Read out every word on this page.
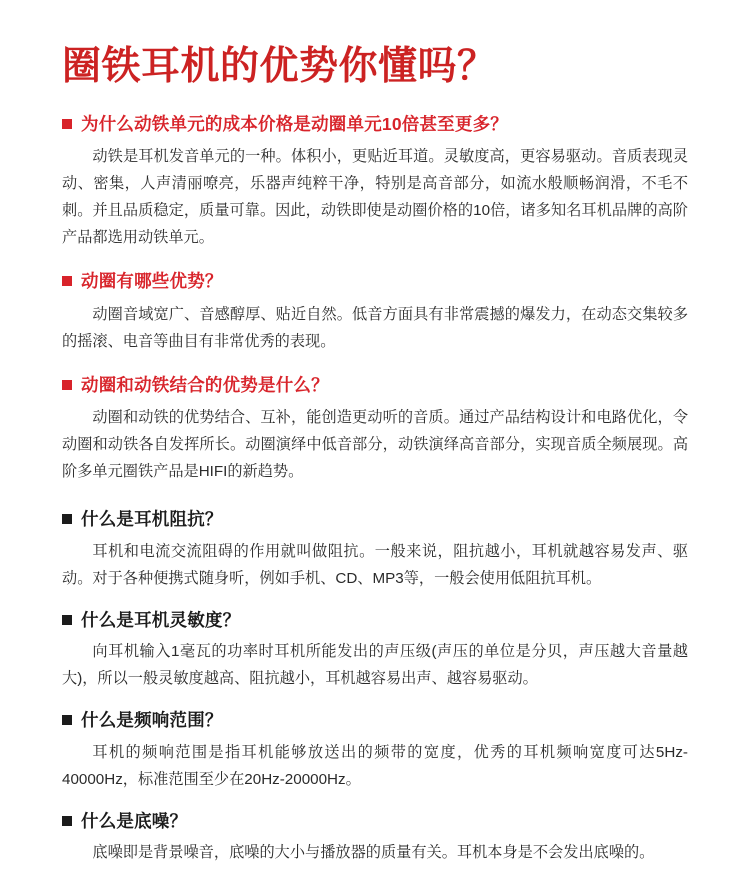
圈铁耳机的优势你懂吗？
为什么动铁单元的成本价格是动圈单元10倍甚至更多？

动铁是耳机发音单元的一种。体积小，更贴近耳道。灵敏度高，更容易驱动。音质表现灵动、密集，人声清丽嘹亮，乐器声纯粹干净，特别是高音部分，如流水般顺畅润滑，不毛不刺。并且品质稳定，质量可靠。因此，动铁即使是动圈价格的10倍，诸多知名耳机品牌的高阶产品都选用动铁单元。

动圈有哪些优势？

动圈音域宽广、音感醇厚、贴近自然。低音方面具有非常震撼的爆发力，在动态交集较多的摇滚、电音等曲目有非常优秀的表现。

动圈和动铁结合的优势是什么？

动圈和动铁的优势结合、互补，能创造更动听的音质。通过产品结构设计和电路优化，令动圈和动铁各自发挥所长。动圈演绎中低音部分，动铁演绎高音部分，实现音质全频展现。高阶多单元圈铁产品是HIFI的新趋势。

什么是耳机阻抗？

耳机和电流交流阻碍的作用就叫做阻抗。一般来说，阻抗越小，耳机就越容易发声、驱动。对于各种便携式随身听，例如手机、CD、MP3等，一般会使用低阻抗耳机。

什么是耳机灵敏度？

向耳机输入1毫瓦的功率时耳机所能发出的声压级(声压的单位是分贝，声压越大音量越大)，所以一般灵敏度越高、阻抗越小，耳机越容易出声、越容易驱动。

什么是频响范围？

耳机的频响范围是指耳机能够放送出的频带的宽度，优秀的耳机频响宽度可达5Hz-40000Hz，标准范围至少在20Hz-20000Hz。

什么是底噪？

底噪即是背景噪音，底噪的大小与播放器的质量有关。耳机本身是不会发出底噪的。
